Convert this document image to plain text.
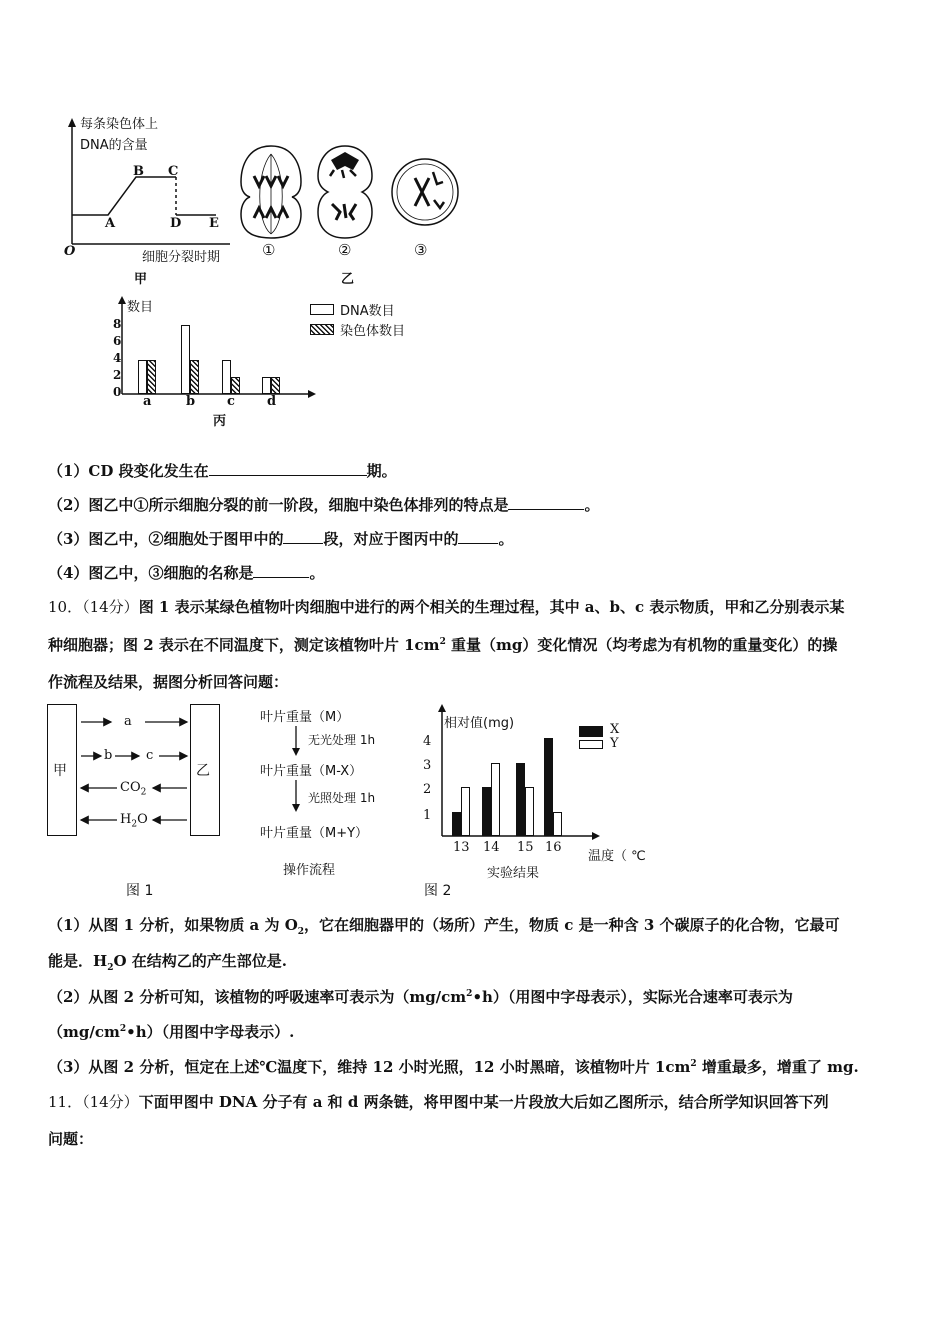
每条染色体上
DNA的含量
O
A
B C
D E
细胞分裂时期
甲
①	②	③
乙
数目
8
6
4
2
0
a	b c d
丙
DNA数目
染色体数目
（1）CD 段变化发生在	期。
（2）图乙中①所示细胞分裂的前一阶段，细胞中染色体排列的特点是	。
（3）图乙中，②细胞处于图甲中的	段，对应于图丙中的	。
（4）图乙中，③细胞的名称是	。
10．（14分）图 1 表示某绿色植物叶肉细胞中进行的两个相关的生理过程，其中 a、b、c 表示物质，甲和乙分别表示某
种细胞器；图 2 表示在不同温度下，测定该植物叶片 $1cm^2$ 重量（mg）变化情况（均考虑为有机物的重量变化）的操
作流程及结果，据图分析回答问题：
甲	乙
a
b	c
$CO_2$
$H_2O$
图 1
叶片重量（M）
无光处理 1h
叶片重量（M-X）
光照处理 1h
叶片重量（M+Y）
操作流程
相对值(mg)
4
3
2
1
13 14 15 16
X
Y
温度（ ℃
实验结果
图 2
（1）从图 1 分析，如果物质 a 为 $O_2$，它在细胞器甲的（场所）产生，物质 c 是一种含 3 个碳原子的化合物，它最可
能是．$H_2O$ 在结构乙的产生部位是.
（2）从图 2 分析可知，该植物的呼吸速率可表示为$(mg/cm^2•h)$（用图中字母表示），实际光合速率可表示为
$(mg/cm^2•h)$（用图中字母表示）.
（3）从图 2 分析，恒定在上述℃温度下，维持 12 小时光照，12 小时黑暗，该植物叶片 $1cm^2$ 增重最多，增重了 mg.
11．（14分）下面甲图中 DNA 分子有 a 和 d 两条链，将甲图中某一片段放大后如乙图所示，结合所学知识回答下列
问题：
